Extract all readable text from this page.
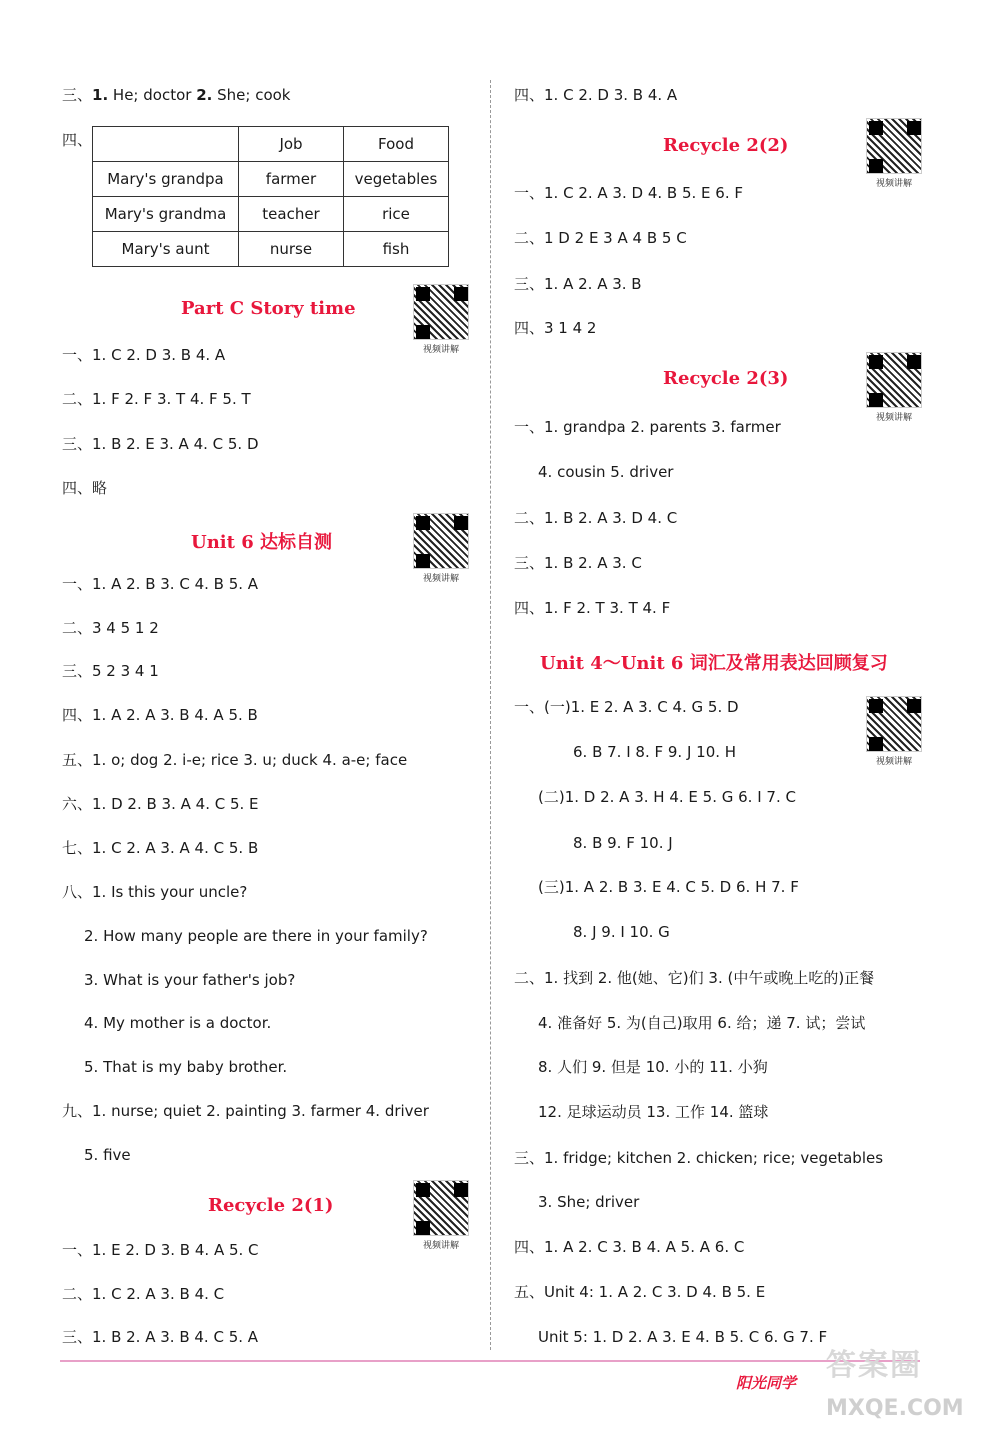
三、1. He; doctor 2. She; cook
四、
		Job	Food
Mary's grandpa	farmer	vegetables
Mary's grandma	teacher	rice
Mary's aunt	nurse	fish
Part C Story time
视频讲解
一、1. C 2. D 3. B 4. A
二、1. F 2. F 3. T 4. F 5. T
三、1. B 2. E 3. A 4. C 5. D
四、略
Unit 6 达标自测
视频讲解
一、1. A 2. B 3. C 4. B 5. A
二、3 4 5 1 2
三、5 2 3 4 1
四、1. A 2. A 3. B 4. A 5. B
五、1. o; dog 2. i-e; rice 3. u; duck 4. a-e; face
六、1. D 2. B 3. A 4. C 5. E
七、1. C 2. A 3. A 4. C 5. B
八、1. Is this your uncle?
2. How many people are there in your family?
3. What is your father's job?
4. My mother is a doctor.
5. That is my baby brother.
九、1. nurse; quiet 2. painting 3. farmer 4. driver
5. five
Recycle 2(1)
视频讲解
一、1. E 2. D 3. B 4. A 5. C
二、1. C 2. A 3. B 4. C
三、1. B 2. A 3. B 4. C 5. A
四、1. C 2. D 3. B 4. A
Recycle 2(2)
视频讲解
一、1. C 2. A 3. D 4. B 5. E 6. F
二、1 D 2 E 3 A 4 B 5 C
三、1. A 2. A 3. B
四、3 1 4 2
Recycle 2(3)
视频讲解
一、1. grandpa 2. parents 3. farmer
4. cousin 5. driver
二、1. B 2. A 3. D 4. C
三、1. B 2. A 3. C
四、1. F 2. T 3. T 4. F
Unit 4～Unit 6 词汇及常用表达回顾复习
视频讲解
一、(一)1. E 2. A 3. C 4. G 5. D
6. B 7. I 8. F 9. J 10. H
(二)1. D 2. A 3. H 4. E 5. G 6. I 7. C
8. B 9. F 10. J
(三)1. A 2. B 3. E 4. C 5. D 6. H 7. F
8. J 9. I 10. G
二、1. 找到 2. 他(她、它)们 3. (中午或晚上吃的)正餐
4. 准备好 5. 为(自己)取用 6. 给；递 7. 试；尝试
8. 人们 9. 但是 10. 小的 11. 小狗
12. 足球运动员 13. 工作 14. 篮球
三、1. fridge; kitchen 2. chicken; rice; vegetables
3. She; driver
四、1. A 2. C 3. B 4. A 5. A 6. C
五、Unit 4: 1. A 2. C 3. D 4. B 5. E
Unit 5: 1. D 2. A 3. E 4. B 5. C 6. G 7. F
阳光同学 答案圈
MXQE.COM
